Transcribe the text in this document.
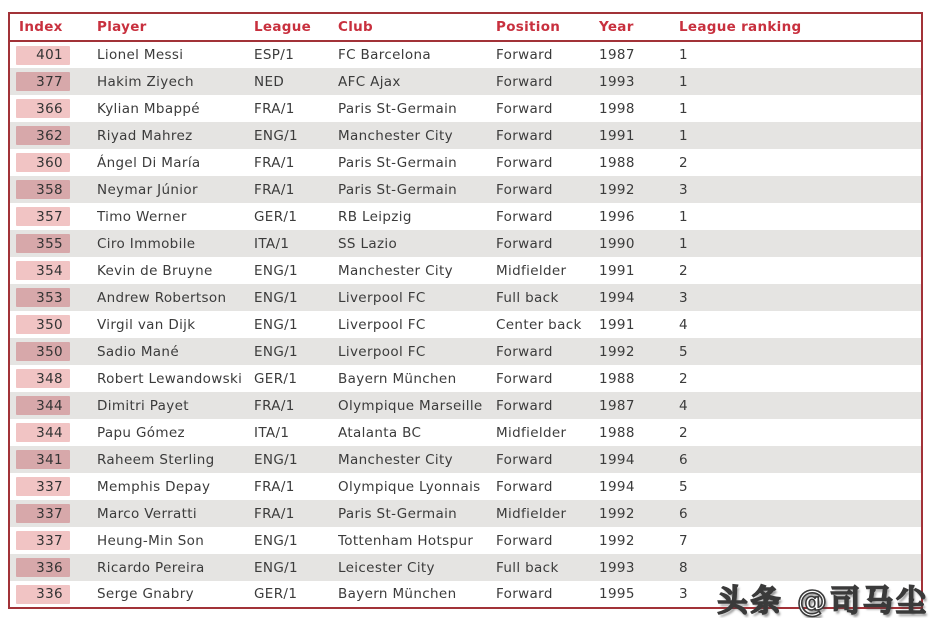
Index	Player	League	Club	Position	Year	League ranking
401	Lionel Messi	ESP/1	FC Barcelona	Forward	1987	1
377	Hakim Ziyech	NED	AFC Ajax	Forward	1993	1
366	Kylian Mbappé	FRA/1	Paris St-Germain	Forward	1998	1
362	Riyad Mahrez	ENG/1	Manchester City	Forward	1991	1
360	Ángel Di María	FRA/1	Paris St-Germain	Forward	1988	2
358	Neymar Júnior	FRA/1	Paris St-Germain	Forward	1992	3
357	Timo Werner	GER/1	RB Leipzig	Forward	1996	1
355	Ciro Immobile	ITA/1	SS Lazio	Forward	1990	1
354	Kevin de Bruyne	ENG/1	Manchester City	Midfielder	1991	2
353	Andrew Robertson	ENG/1	Liverpool FC	Full back	1994	3
350	Virgil van Dijk	ENG/1	Liverpool FC	Center back	1991	4
350	Sadio Mané	ENG/1	Liverpool FC	Forward	1992	5
348	Robert Lewandowski	GER/1	Bayern München	Forward	1988	2
344	Dimitri Payet	FRA/1	Olympique Marseille	Forward	1987	4
344	Papu Gómez	ITA/1	Atalanta BC	Midfielder	1988	2
341	Raheem Sterling	ENG/1	Manchester City	Forward	1994	6
337	Memphis Depay	FRA/1	Olympique Lyonnais	Forward	1994	5
337	Marco Verratti	FRA/1	Paris St-Germain	Midfielder	1992	6
337	Heung-Min Son	ENG/1	Tottenham Hotspur	Forward	1992	7
336	Ricardo Pereira	ENG/1	Leicester City	Full back	1993	8
336	Serge Gnabry	GER/1	Bayern München	Forward	1995	3 头条 @司马尘
